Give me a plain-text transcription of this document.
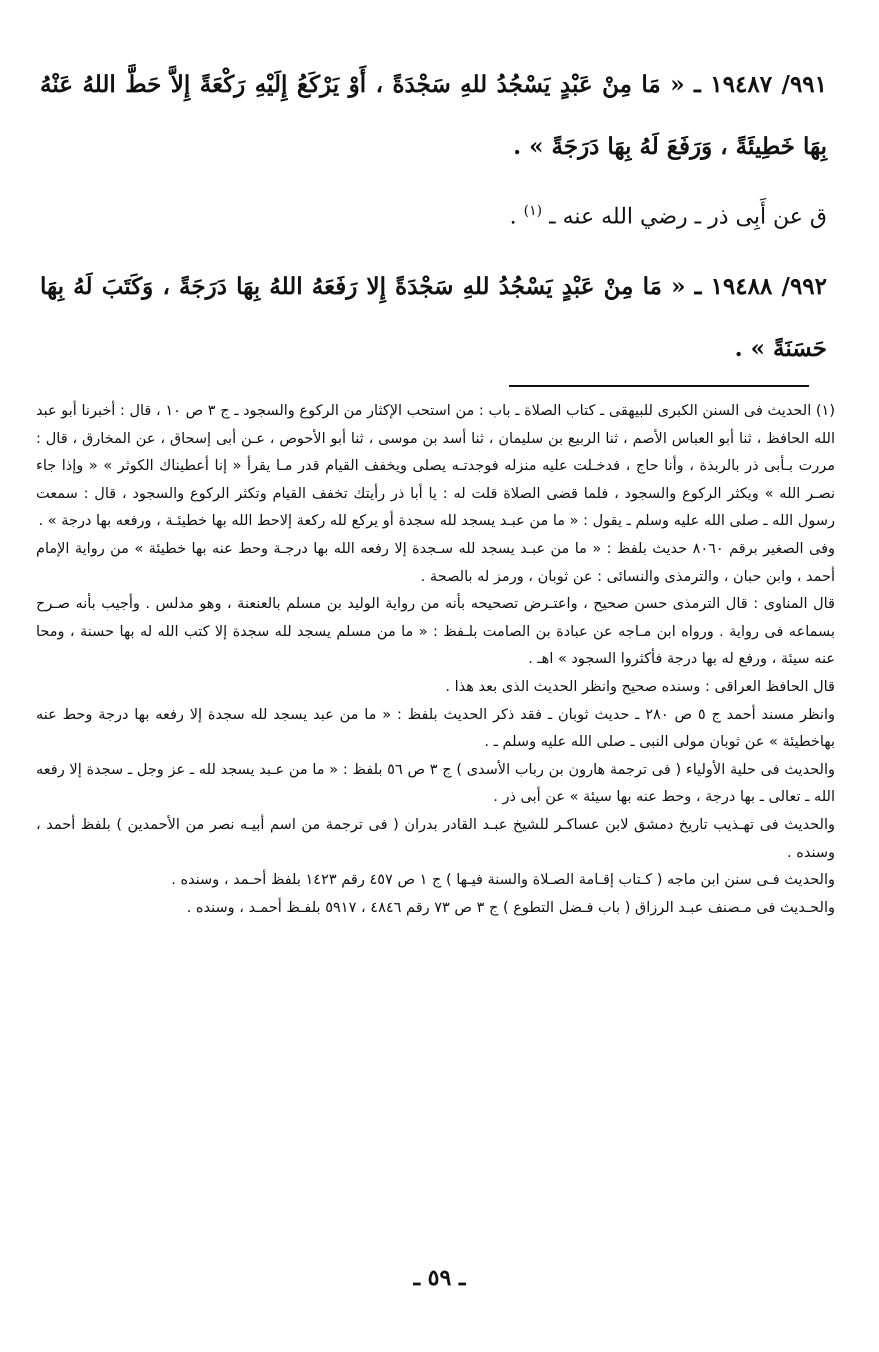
٩٩١/ ١٩٤٨٧ ـ « مَا مِنْ عَبْدٍ يَسْجُدُ للهِ سَجْدَةً ، أَوْ يَرْكَعُ إِلَيْهِ رَكْعَةً إِلاَّ حَطَّ اللهُ عَنْهُ بِهَا خَطِيئَةً ، وَرَفَعَ لَهُ بِهَا دَرَجَةً » .

ق عن أَبِى ذر ـ رضي الله عنه ـ $^{(١)}$ .

٩٩٢/ ١٩٤٨٨ ـ « مَا مِنْ عَبْدٍ يَسْجُدُ للهِ سَجْدَةً إِلا رَفَعَهُ اللهُ بِهَا دَرَجَةً ، وَكَتَبَ لَهُ بِهَا حَسَنَةً » .

(١) الحديث فى السنن الكبرى للبيهقى ـ كتاب الصلاة ـ باب : من استحب الإكثار من الركوع والسجود ـ ج ٣ ص ١٠ ، قال : أخبرنا أبو عبد الله الحافظ ، ثنا أبو العباس الأصم ، ثنا الربيع بن سليمان ، ثنا أسد بن موسى ، ثنا أبو الأحوص ، عـن أبى إسحاق ، عن المخارق ، قال : مررت بـأبى ذر بالربذة ، وأنا حاج ، فدخـلت عليه منزله فوجدتـه يصلى ويخفف القيام قدر مـا يقرأ « إنا أعطيناك الكوثر » « وإذا جاء نصـر الله » ويكثر الركوع والسجود ، فلما قضى الصلاة قلت له : يا أبا ذر رأيتك تخفف القيام وتكثر الركوع والسجود ، قال : سمعت رسول الله ـ صلى الله عليه وسلم ـ يقول : « ما من عبـد يسجد لله سجدة أو يركع لله ركعة إلاحط الله بها خطيئـة ، ورفعه بها درجة » .

وفى الصغير برقم ٨٠٦٠ حديث بلفظ : « ما من عبـد يسجد لله سـجدة إلا رفعه الله بها درجـة وحط عنه بها خطيئة » من رواية الإمام أحمد ، وابن حبان ، والترمذى والنسائى : عن ثوبان ، ورمز له بالصحة .

قال المناوى : قال الترمذى حسن صحيح ، واعتـرض تصحيحه بأنه من رواية الوليد بن مسلم بالعنعنة ، وهو مدلس . وأجيب بأنه صـرح بسماعه فى رواية . ورواه ابن مـاجه عن عبادة بن الصامت بلـفظ : « ما من مسلم يسجد لله سجدة إلا كتب الله له بها حسنة ، ومحا عنه سيئة ، ورفع له بها درجة فأكثروا السجود » اهـ .

قال الحافظ العراقى : وسنده صحيح وانظر الحديث الذى بعد هذا .

وانظر مسند أحمد ج ٥ ص ٢٨٠ ـ حديث ثوبان ـ فقد ذكر الحديث بلفظ : « ما من عبد يسجد لله سجدة إلا رفعه بها درجة وحط عنه بهاخطيئة » عن ثوبان مولى النبى ـ صلى الله عليه وسلم ـ .

والحديث فى حلية الأولياء ( فى ترجمة هارون بن رباب الأسدى ) ج ٣ ص ٥٦ بلفظ : « ما من عـبد يسجد لله ـ عز وجل ـ سجدة إلا رفعه الله ـ تعالى ـ بها درجة ، وحط عنه بها سيئة » عن أبى ذر .

والحديث فى تهـذيب تاريخ دمشق لابن عساكـر للشيخ عبـد القادر بدران ( فى ترجمة من اسم أبيـه نصر من الأحمدين ) بلفظ أحمد ، وسنده .

والحديث فـى سنن ابن ماجه ( كـتاب إقـامة الصـلاة والسنة فيـها ) ج ١ ص ٤٥٧ رقم ١٤٢٣ بلفظ أحـمد ، وسنده .

والحـديث فى مـصنف عبـد الرزاق ( باب فـضل التطوع ) ج ٣ ص ٧٣ رقم ٤٨٤٦ ، ٥٩١٧ بلفـظ أحمـد ، وسنده .

ـ ٥٩ ـ
